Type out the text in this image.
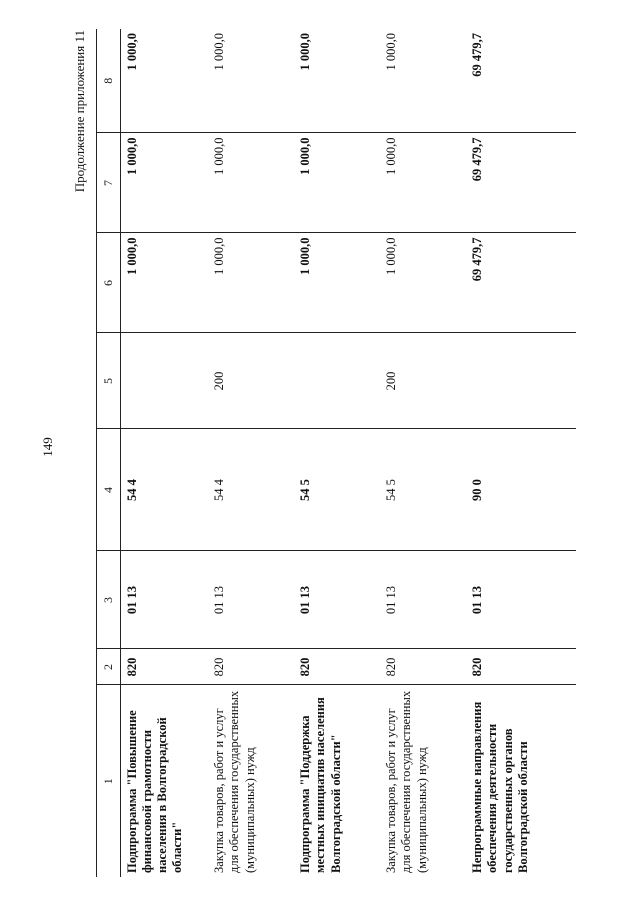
149
Продолжение приложения 11
1	2	3	4	5	6	7	8
Подпрограмма "Повышение финансовой грамотности населения в Волгоградской области"	820	01 13	54 4		1 000,0	1 000,0	1 000,0
Закупка товаров, работ и услуг для обеспечения государственных (муниципальных) нужд	820	01 13	54 4	200	1 000,0	1 000,0	1 000,0
Подпрограмма "Поддержка местных инициатив населения Волгоградской области"	820	01 13	54 5		1 000,0	1 000,0	1 000,0
Закупка товаров, работ и услуг для обеспечения государственных (муниципальных) нужд	820	01 13	54 5	200	1 000,0	1 000,0	1 000,0
Непрограммные направления обеспечения деятельности государственных органов Волгоградской области	820	01 13	90 0		69 479,7	69 479,7	69 479,7
